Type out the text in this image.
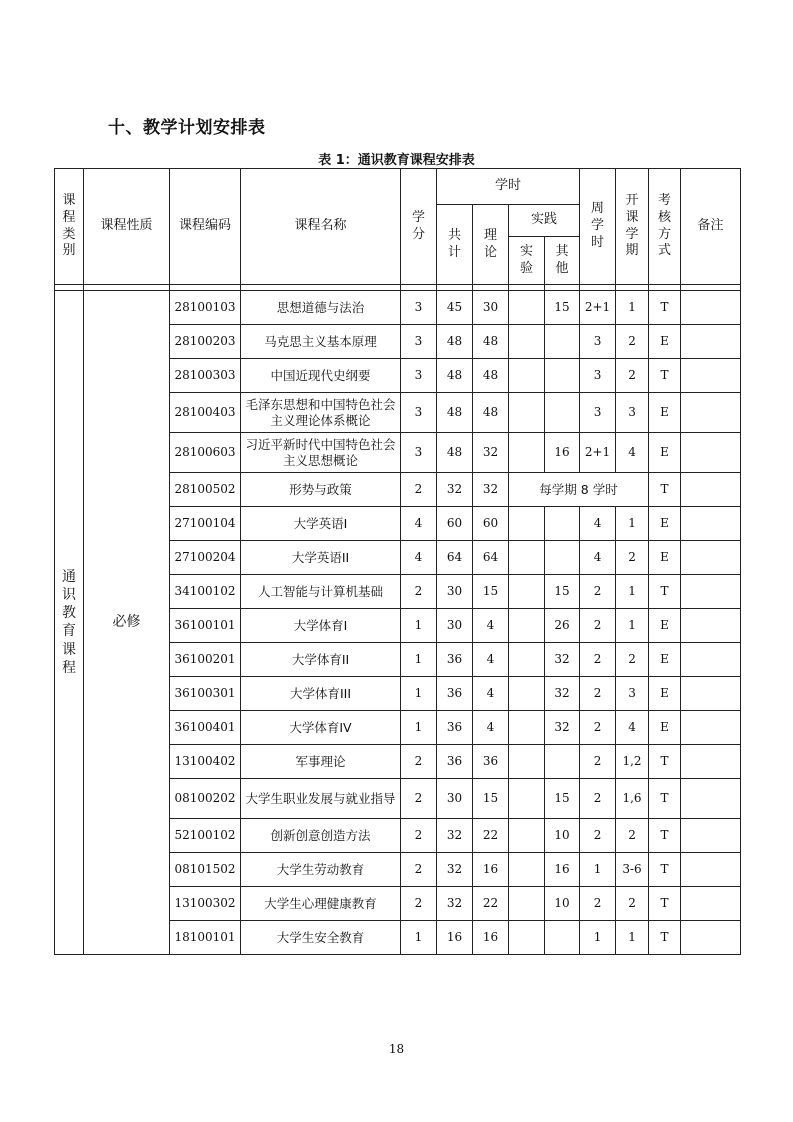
十、教学计划安排表
表 1：通识教育课程安排表
课程类别	课程性质	课程编码	课程名称	学分	学时				周学时	开课学期	考核方式	备注
					共计	理论	实践					
							实验	其他				

通识教育课程	必修	28100103	思想道德与法治	3	45	30		15	2+1	1	T	
		28100203	马克思主义基本原理	3	48	48			3	2	E	
		28100303	中国近现代史纲要	3	48	48			3	2	T	
		28100403	毛泽东思想和中国特色社会主义理论体系概论	3	48	48			3	3	E	
		28100603	习近平新时代中国特色社会主义思想概论	3	48	32		16	2+1	4	E	
		28100502	形势与政策	2	32	32	每学期 8 学时				T	
		27100104	大学英语I	4	60	60			4	1	E	
		27100204	大学英语II	4	64	64			4	2	E	
		34100102	人工智能与计算机基础	2	30	15		15	2	1	T	
		36100101	大学体育I	1	30	4		26	2	1	E	
		36100201	大学体育II	1	36	4		32	2	2	E	
		36100301	大学体育III	1	36	4		32	2	3	E	
		36100401	大学体育IV	1	36	4		32	2	4	E	
		13100402	军事理论	2	36	36			2	1,2	T	
		08100202	大学生职业发展与就业指导	2	30	15		15	2	1,6	T	
		52100102	创新创意创造方法	2	32	22		10	2	2	T	
		08101502	大学生劳动教育	2	32	16		16	1	3-6	T	
		13100302	大学生心理健康教育	2	32	22		10	2	2	T	
		18100101	大学生安全教育	1	16	16			1	1	T	
18
